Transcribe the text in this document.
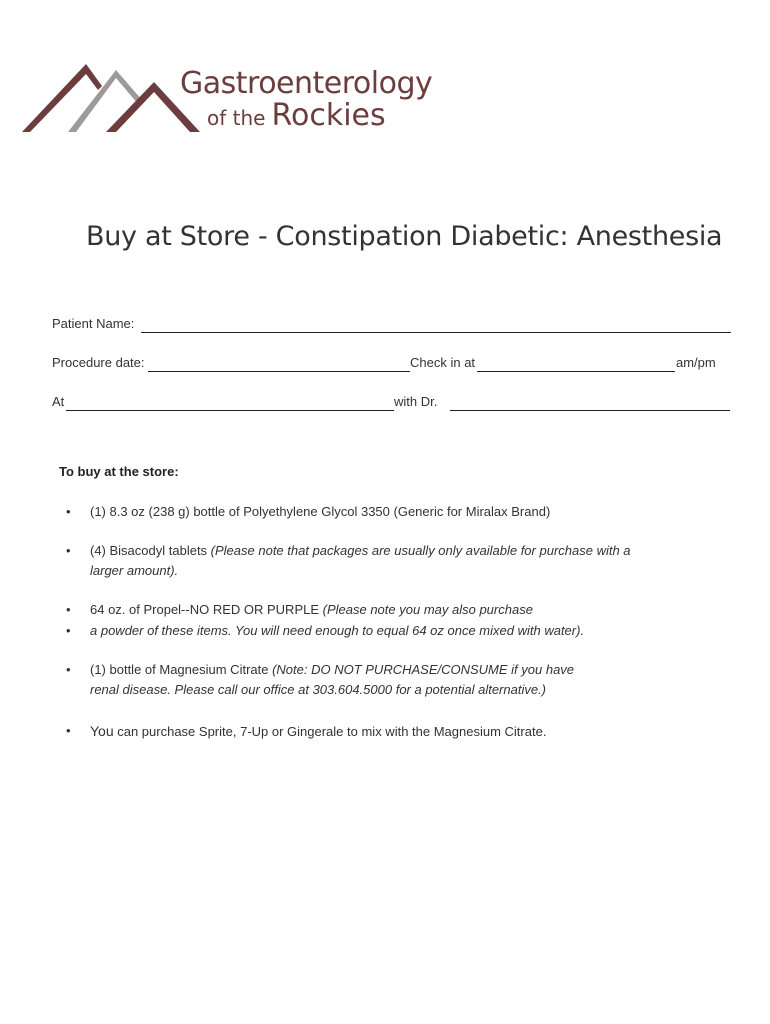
Gastroenterology
of the Rockies
Buy at Store - Constipation Diabetic: Anesthesia
Patient Name:
Procedure date:	Check in at	am/pm
At	with Dr.
To buy at the store:
• (1) 8.3 oz (238 g) bottle of Polyethylene Glycol 3350 (Generic for Miralax Brand)
• (4) Bisacodyl tablets (Please note that packages are usually only available for purchase with a
larger amount).
• 64 oz. of Propel--NO RED OR PURPLE (Please note you may also purchase
• a powder of these items. You will need enough to equal 64 oz once mixed with water).
• (1) bottle of Magnesium Citrate (Note: DO NOT PURCHASE/CONSUME if you have
renal disease. Please call our office at 303.604.5000 for a potential alternative.)
• You can purchase Sprite, 7-Up or Gingerale to mix with the Magnesium Citrate.
